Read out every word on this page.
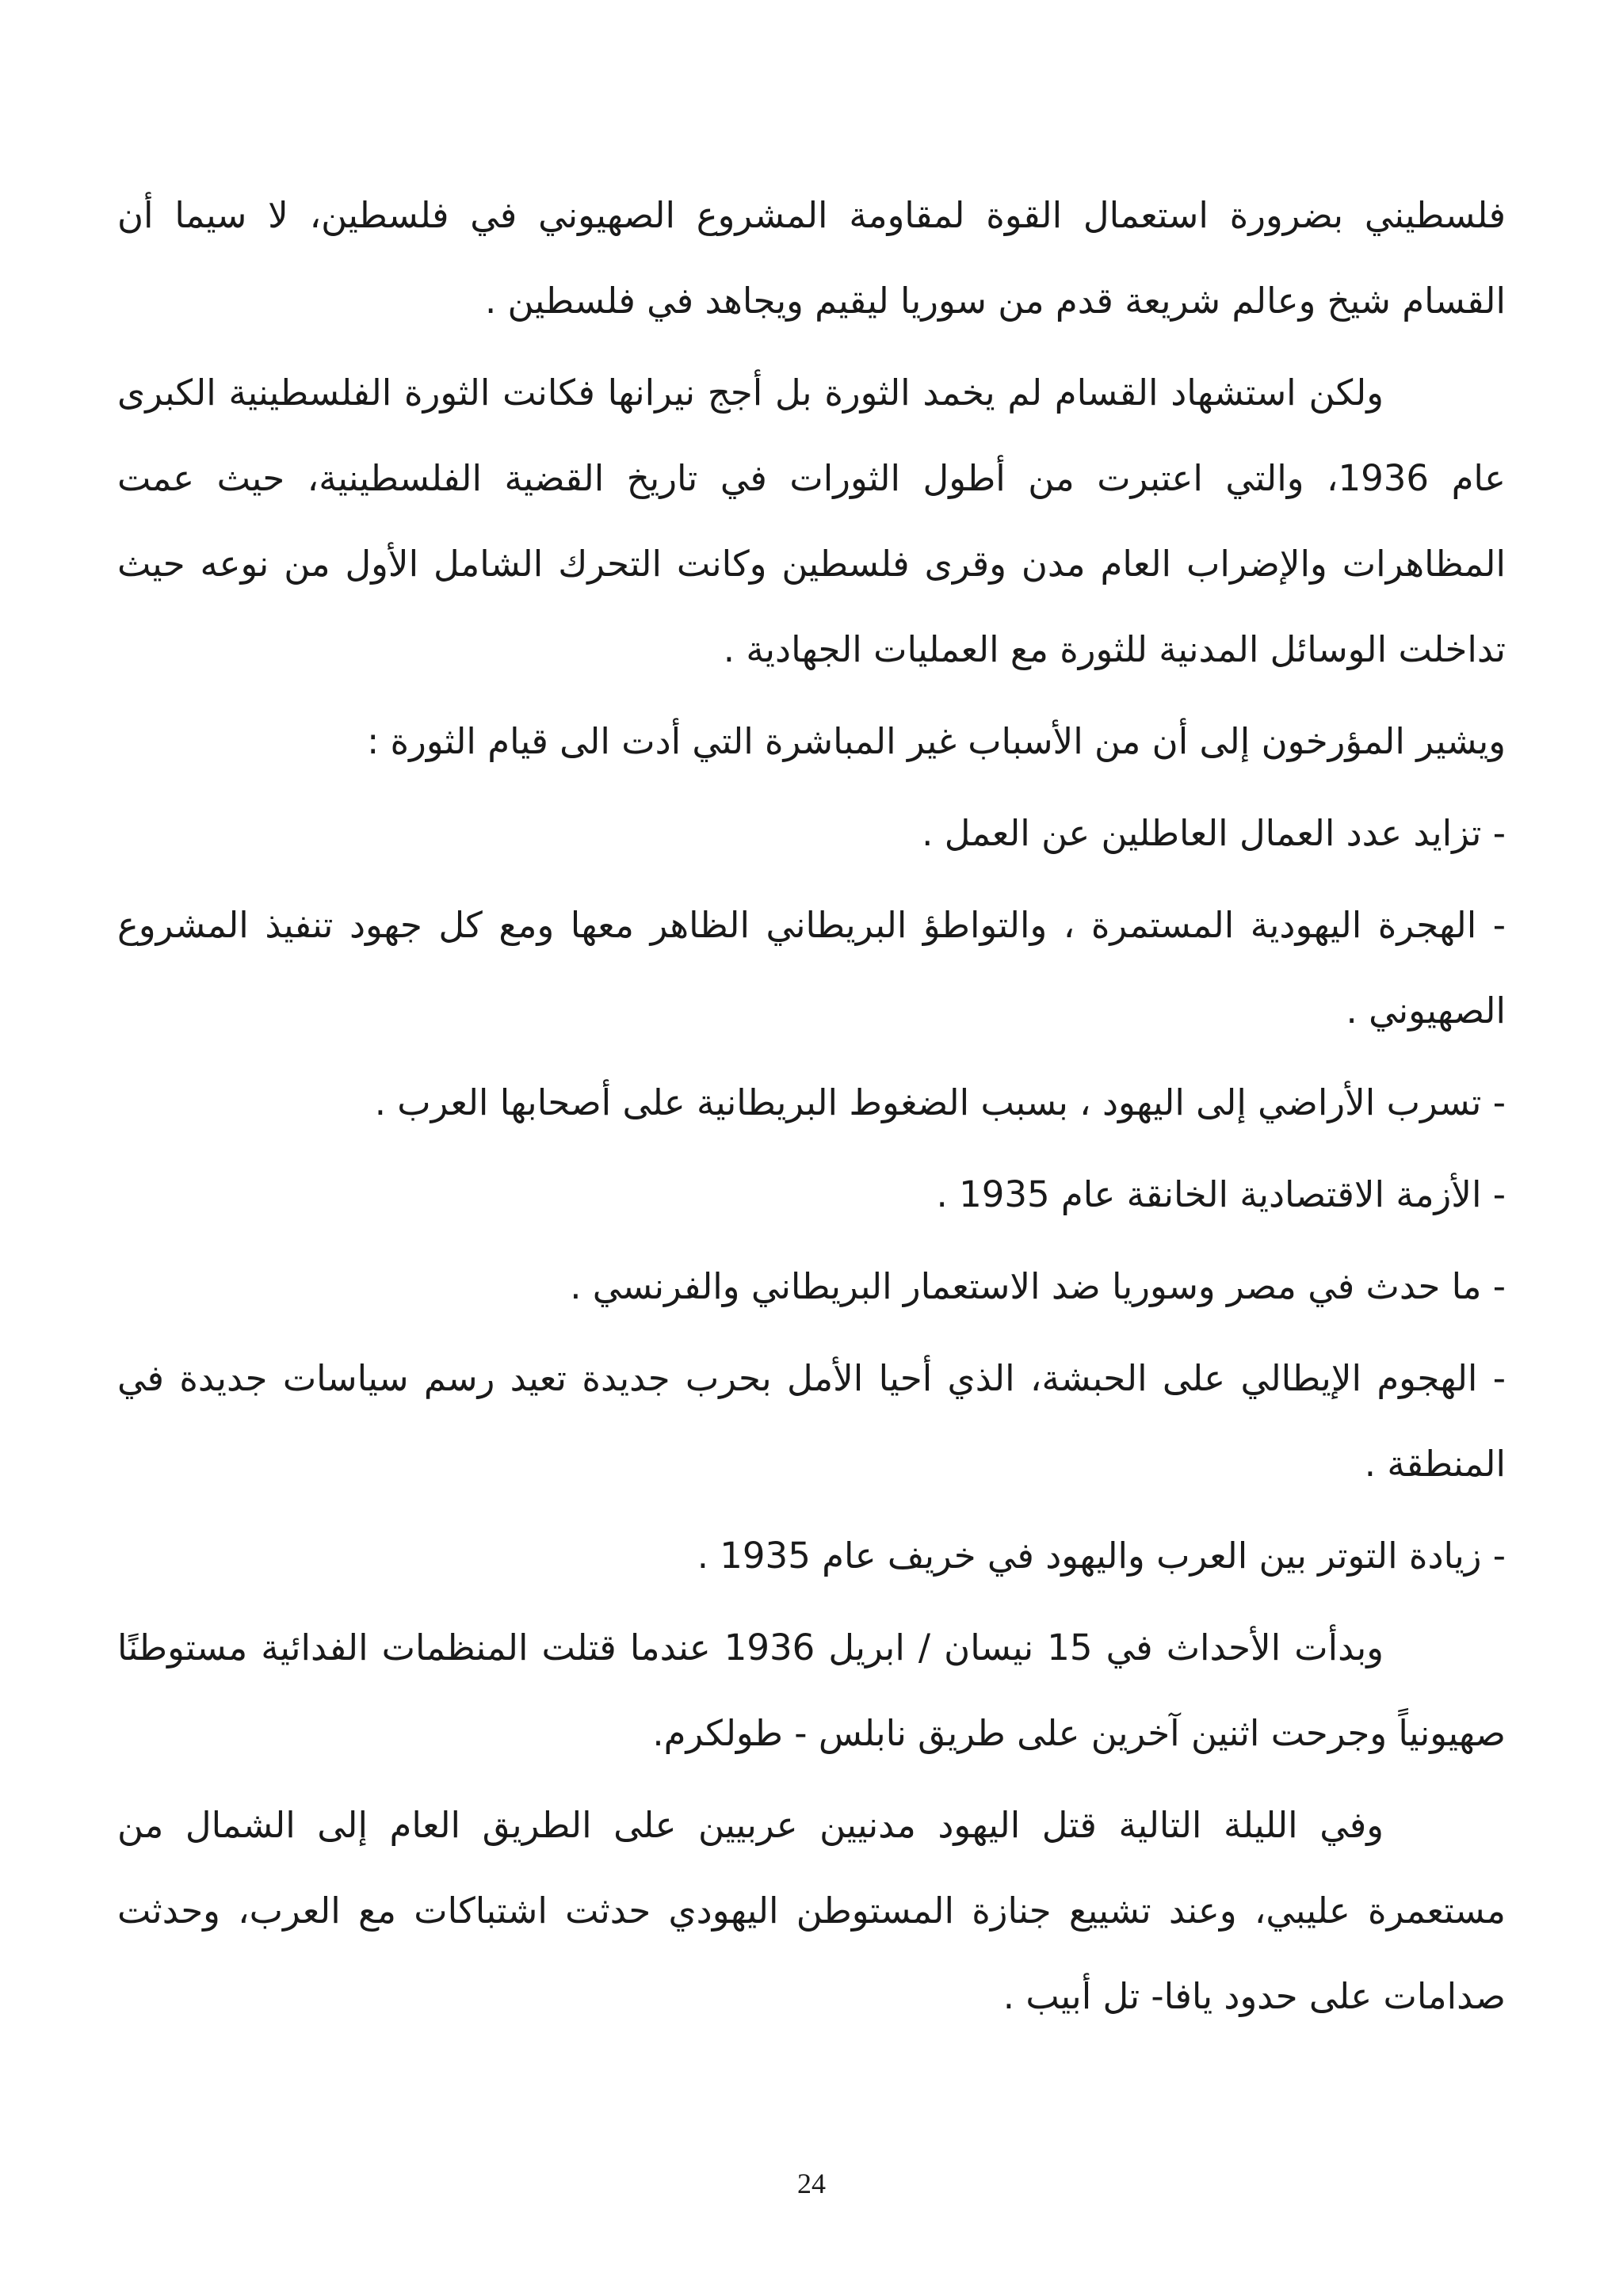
فلسطيني بضرورة استعمال القوة لمقاومة المشروع الصهيوني في فلسطين، لا سيما أن القسام شيخ وعالم شريعة قدم من سوريا ليقيم ويجاهد في فلسطين .

ولكن استشهاد القسام لم يخمد الثورة بل أجج نيرانها فكانت الثورة الفلسطينية الكبرى عام 1936، والتي اعتبرت من أطول الثورات في تاريخ القضية الفلسطينية، حيث عمت المظاهرات والإضراب العام مدن وقرى فلسطين وكانت التحرك الشامل الأول من نوعه حيث تداخلت الوسائل المدنية للثورة مع العمليات الجهادية .

ويشير المؤرخون إلى أن من الأسباب غير المباشرة التي أدت الى قيام الثورة :

- تزايد عدد العمال العاطلين عن العمل .

- الهجرة اليهودية المستمرة ، والتواطؤ البريطاني الظاهر معها ومع كل جهود تنفيذ المشروع الصهيوني .

- تسرب الأراضي إلى اليهود ، بسبب الضغوط البريطانية على أصحابها العرب .

- الأزمة الاقتصادية الخانقة عام 1935 .

- ما حدث في مصر وسوريا ضد الاستعمار البريطاني والفرنسي .

- الهجوم الإيطالي على الحبشة، الذي أحيا الأمل بحرب جديدة تعيد رسم سياسات جديدة في المنطقة .

- زيادة التوتر بين العرب واليهود في خريف عام 1935 .

وبدأت الأحداث في 15 نيسان / ابريل 1936 عندما قتلت المنظمات الفدائية مستوطنًا صهيونياً وجرحت اثنين آخرين على طريق نابلس - طولكرم.

وفي الليلة التالية قتل اليهود مدنيين عربيين على الطريق العام إلى الشمال من مستعمرة عليبي، وعند تشييع جنازة المستوطن اليهودي حدثت اشتباكات مع العرب، وحدثت صدامات على حدود يافا- تل أبيب .

24
